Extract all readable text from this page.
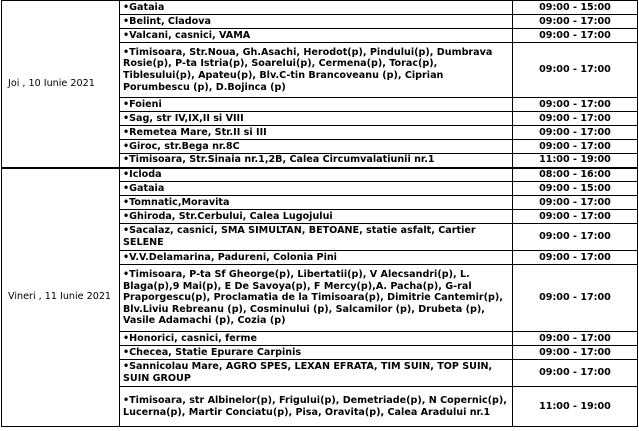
Joi , 10 Iunie 2021	•Gataia	09:00 - 15:00
	•Belint, Cladova	09:00 - 17:00
	•Valcani, casnici, VAMA	09:00 - 17:00
	•Timisoara, Str.Noua, Gh.Asachi, Herodot(p), Pindului(p), Dumbrava Rosie(p), P-ta Istria(p), Soarelui(p), Cermena(p), Torac(p), Tiblesului(p), Apateu(p), Blv.C-tin Brancoveanu (p), Ciprian Porumbescu (p), D.Bojinca (p)	09:00 - 17:00
	•Foieni	09:00 - 17:00
	•Sag, str IV,IX,II si VIII	09:00 - 17:00
	•Remetea Mare, Str.II si III	09:00 - 17:00
	•Giroc, str.Bega nr.8C	09:00 - 17:00
	•Timisoara, Str.Sinaia nr.1,2B, Calea Circumvalatiunii nr.1	11:00 - 19:00
Vineri , 11 Iunie 2021	•Icloda	08:00 - 16:00
	•Gataia	09:00 - 15:00
	•Tomnatic,Moravita	09:00 - 17:00
	•Ghiroda, Str.Cerbului, Calea Lugojului	09:00 - 17:00
	•Sacalaz, casnici, SMA SIMULTAN, BETOANE, statie asfalt, Cartier SELENE	09:00 - 17:00
	•V.V.Delamarina, Padureni, Colonia Pini	09:00 - 17:00
	•Timisoara, P-ta Sf Gheorge(p), Libertatii(p), V Alecsandri(p), L. Blaga(p),9 Mai(p), E De Savoya(p), F Mercy(p),A. Pacha(p), G-ral Praporgescu(p), Proclamatia de la Timisoara(p), Dimitrie Cantemir(p), Blv.Liviu Rebreanu (p), Cosminului (p), Salcamilor (p), Drubeta (p), Vasile Adamachi (p), Cozia (p)	09:00 - 17:00
	•Honorici, casnici, ferme	09:00 - 17:00
	•Checea, Statie Epurare Carpinis	09:00 - 17:00
	•Sannicolau Mare, AGRO SPES, LEXAN EFRATA, TIM SUIN, TOP SUIN, SUIN GROUP	09:00 - 17:00
	•Timisoara, str Albinelor(p), Frigului(p), Demetriade(p), N Copernic(p), Lucerna(p), Martir Conciatu(p), Pisa, Oravita(p), Calea Aradului nr.1	11:00 - 19:00
